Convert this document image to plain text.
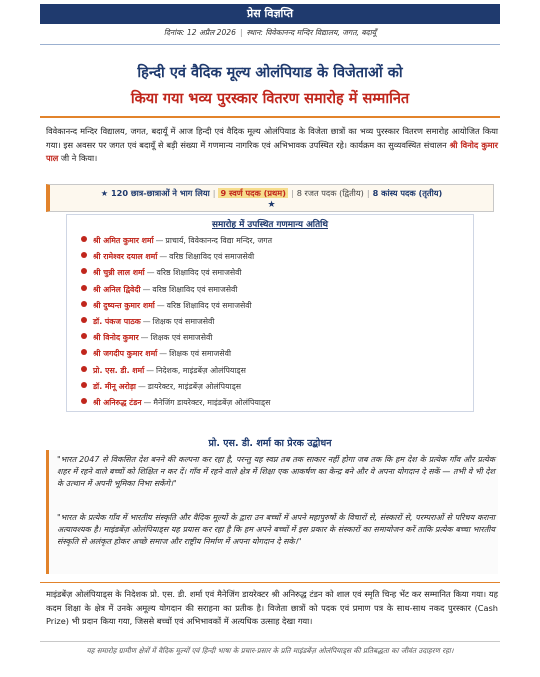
प्रेस विज्ञप्ति
दिनांक: 12 अप्रैल 2026 | स्थान: विवेकानन्द मन्दिर विद्यालय, जगत, बदायूँ
हिन्दी एवं वैदिक मूल्य ओलंपियाड के विजेताओं को
किया गया भव्य पुरस्कार वितरण समारोह में सम्मानित

विवेकानन्द मन्दिर विद्यालय, जगत, बदायूँ में आज हिन्दी एवं वैदिक मूल्य ओलंपियाड के विजेता छात्रों का भव्य पुरस्कार वितरण समारोह आयोजित किया गया। इस अवसर पर जगत एवं बदायूँ से बड़ी संख्या में गणमान्य नागरिक एवं अभिभावक उपस्थित रहे। कार्यक्रम का सुव्यवस्थित संचालन श्री विनोद कुमार पाल जी ने किया।

★ 120 छात्र-छात्राओं ने भाग लिया | 9 स्वर्ण पदक (प्रथम) | 8 रजत पदक (द्वितीय) | 8 कांस्य पदक (तृतीय)
★
समारोह में उपस्थित गणमान्य अतिथि
श्री अमित कुमार शर्मा — प्राचार्य, विवेकानन्द विद्या मन्दिर, जगत
श्री रामेश्वर दयाल शर्मा — वरिष्ठ शिक्षाविद एवं समाजसेवी
श्री चुन्नी लाल शर्मा — वरिष्ठ शिक्षाविद एवं समाजसेवी
श्री अनिल द्विवेदी — वरिष्ठ शिक्षाविद एवं समाजसेवी
श्री दुष्यन्त कुमार शर्मा — वरिष्ठ शिक्षाविद एवं समाजसेवी
डॉ. पंकज पाठक — शिक्षक एवं समाजसेवी
श्री विनोद कुमार — शिक्षक एवं समाजसेवी
श्री जगदीप कुमार शर्मा — शिक्षक एवं समाजसेवी
प्रो. एस. डी. शर्मा — निदेशक, माइंडबेंज़ ओलंपियाड्स
डॉ. मीनू अरोड़ा — डायरेक्टर, माइंडबेंज़ ओलंपियाड्स
श्री अनिरुद्ध टंडन — मैनेजिंग डायरेक्टर, माइंडबेंज़ ओलंपियाड्स
प्रो. एस. डी. शर्मा का प्रेरक उद्बोधन

"भारत 2047 से विकसित देश बनने की कल्पना कर रहा है, परन्तु यह स्वप्न तब तक साकार नहीं होगा जब तक कि हम देश के प्रत्येक गाँव और प्रत्येक शहर में रहने वाले बच्चों को शिक्षित न कर दें। गाँव में रहने वाले क्षेत्र में शिक्षा एक आकर्षण का केन्द्र बने और वे अपना योगदान दे सकें — तभी वे भी देश के उत्थान में अपनी भूमिका निभा सकेंगे।"

"भारत के प्रत्येक गाँव में भारतीय संस्कृति और वैदिक मूल्यों के द्वारा उन बच्चों में अपने महापुरुषों के विचारों से, संस्कारों से, परम्पराओं से परिचय कराना अत्यावश्यक है। माइंडबेंज़ ओलंपियाड्स यह प्रयास कर रहा है कि हम अपने बच्चों में इस प्रकार के संस्कारों का समायोजन करें ताकि प्रत्येक बच्चा भारतीय संस्कृति से अलंकृत होकर अच्छे समाज और राष्ट्रीय निर्माण में अपना योगदान दे सके।"

माइंडबेंज़ ओलंपियाड्स के निदेशक प्रो. एस. डी. शर्मा एवं मैनेजिंग डायरेक्टर श्री अनिरुद्ध टंडन को शाल एवं स्मृति चिन्ह भेंट कर सम्मानित किया गया। यह कदम शिक्षा के क्षेत्र में उनके अमूल्य योगदान की सराहना का प्रतीक है। विजेता छात्रों को पदक एवं प्रमाण पत्र के साथ-साथ नकद पुरस्कार (Cash Prize) भी प्रदान किया गया, जिससे बच्चों एवं अभिभावकों में अत्यधिक उत्साह देखा गया।

यह समारोह ग्रामीण क्षेत्रों में वैदिक मूल्यों एवं हिन्दी भाषा के प्रचार-प्रसार के प्रति माइंडबेंज़ ओलंपियाड्स की प्रतिबद्धता का जीवंत उदाहरण रहा।
